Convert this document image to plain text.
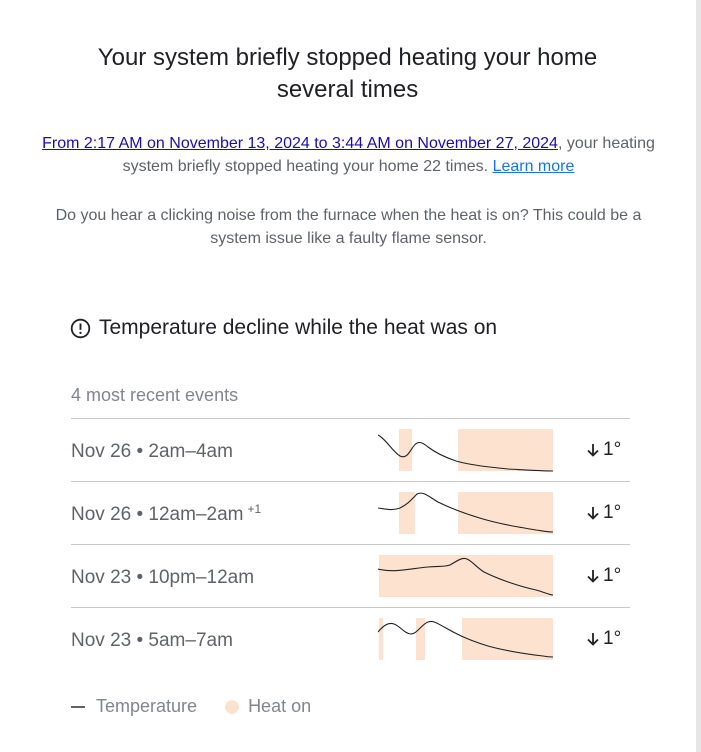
Your system briefly stopped heating your home several times
From 2:17 AM on November 13, 2024 to 3:44 AM on November 27, 2024, your heating system briefly stopped heating your home 22 times. Learn more
Do you hear a clicking noise from the furnace when the heat is on? This could be a system issue like a faulty flame sensor.
Temperature decline while the heat was on
4 most recent events
Nov 26 • 2am–4am	1°
Nov 26 • 12am–2am $^{+1}$	1°
Nov 23 • 10pm–12am	1°
Nov 23 • 5am–7am	1°
Temperature	Heat on
